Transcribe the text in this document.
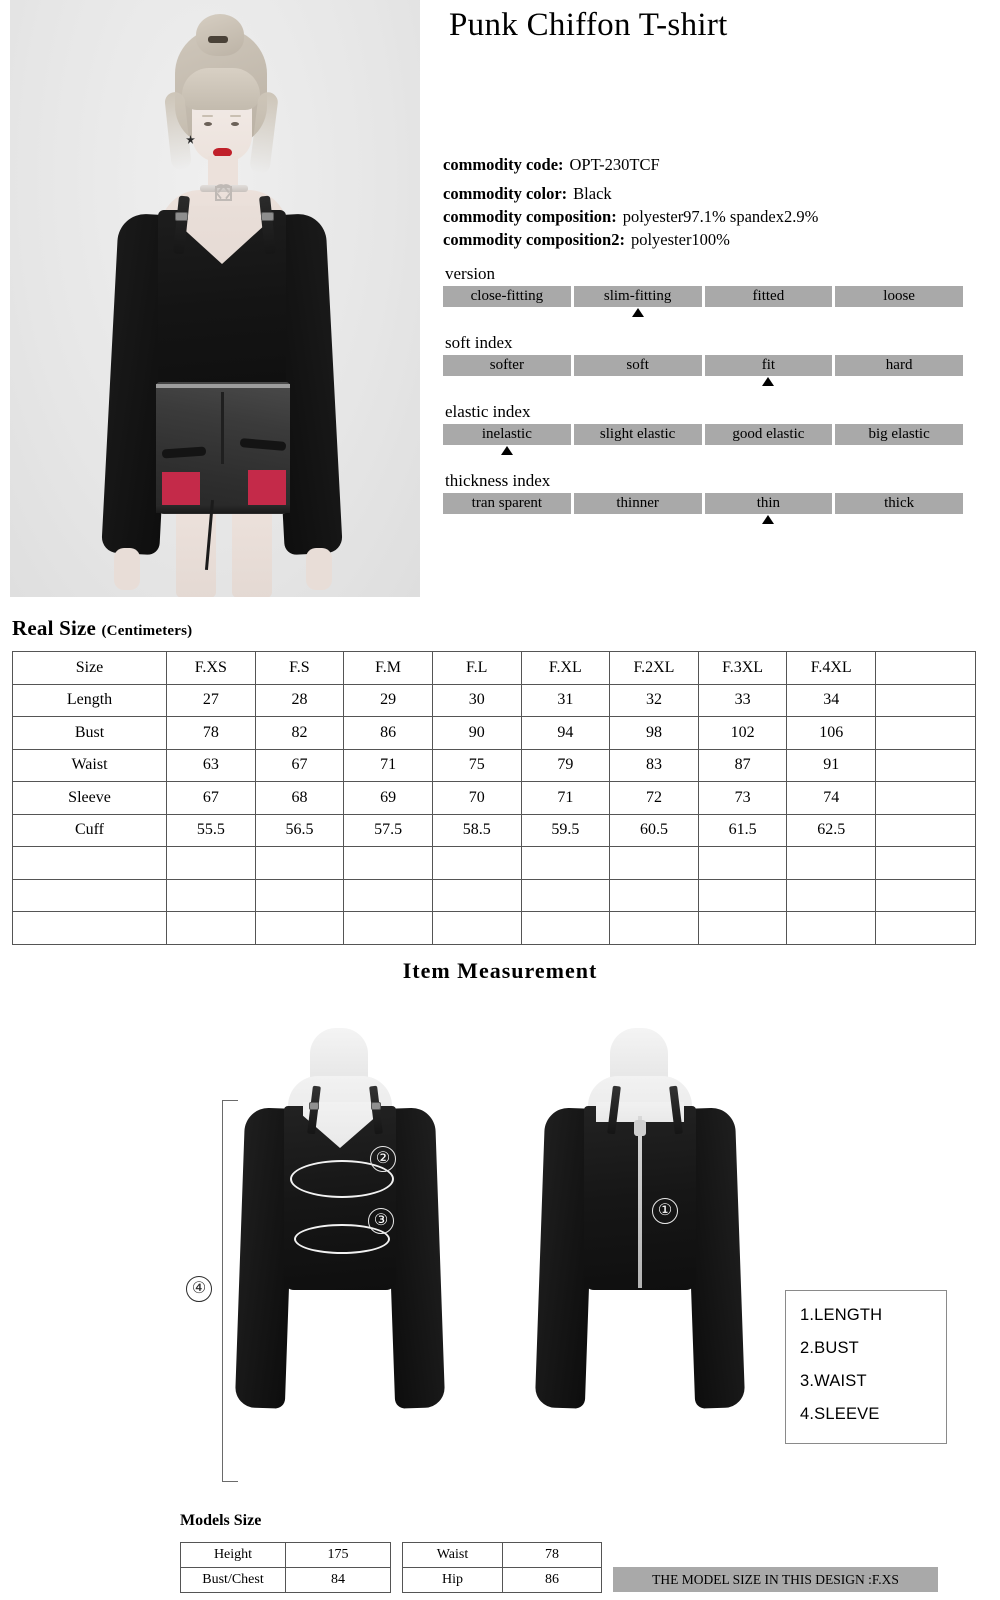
Punk Chiffon T-shirt
commodity code: OPT-230TCF
commodity color: Black
commodity composition: polyester97.1% spandex2.9%
commodity composition2: polyester100%
version
close-fitting	slim-fitting	fitted	loose
soft index
softer	soft	fit	hard
elastic index
inelastic	slight elastic	good elastic	big elastic
thickness index
tran sparent	thinner	thin	thick
Real Size (Centimeters)
Size	F.XS	F.S	F.M	F.L	F.XL	F.2XL	F.3XL	F.4XL	
Length	27	28	29	30	31	32	33	34	
Bust	78	82	86	90	94	98	102	106	
Waist	63	67	71	75	79	83	87	91	
Sleeve	67	68	69	70	71	72	73	74	
Cuff	55.5	56.5	57.5	58.5	59.5	60.5	61.5	62.5	

Item Measurement
②
③
①
④
1.LENGTH
2.BUST
3.WAIST
4.SLEEVE
Models Size
Height	175
Bust/Chest	84
Waist	78
Hip	86	THE MODEL SIZE IN THIS DESIGN :F.XS
